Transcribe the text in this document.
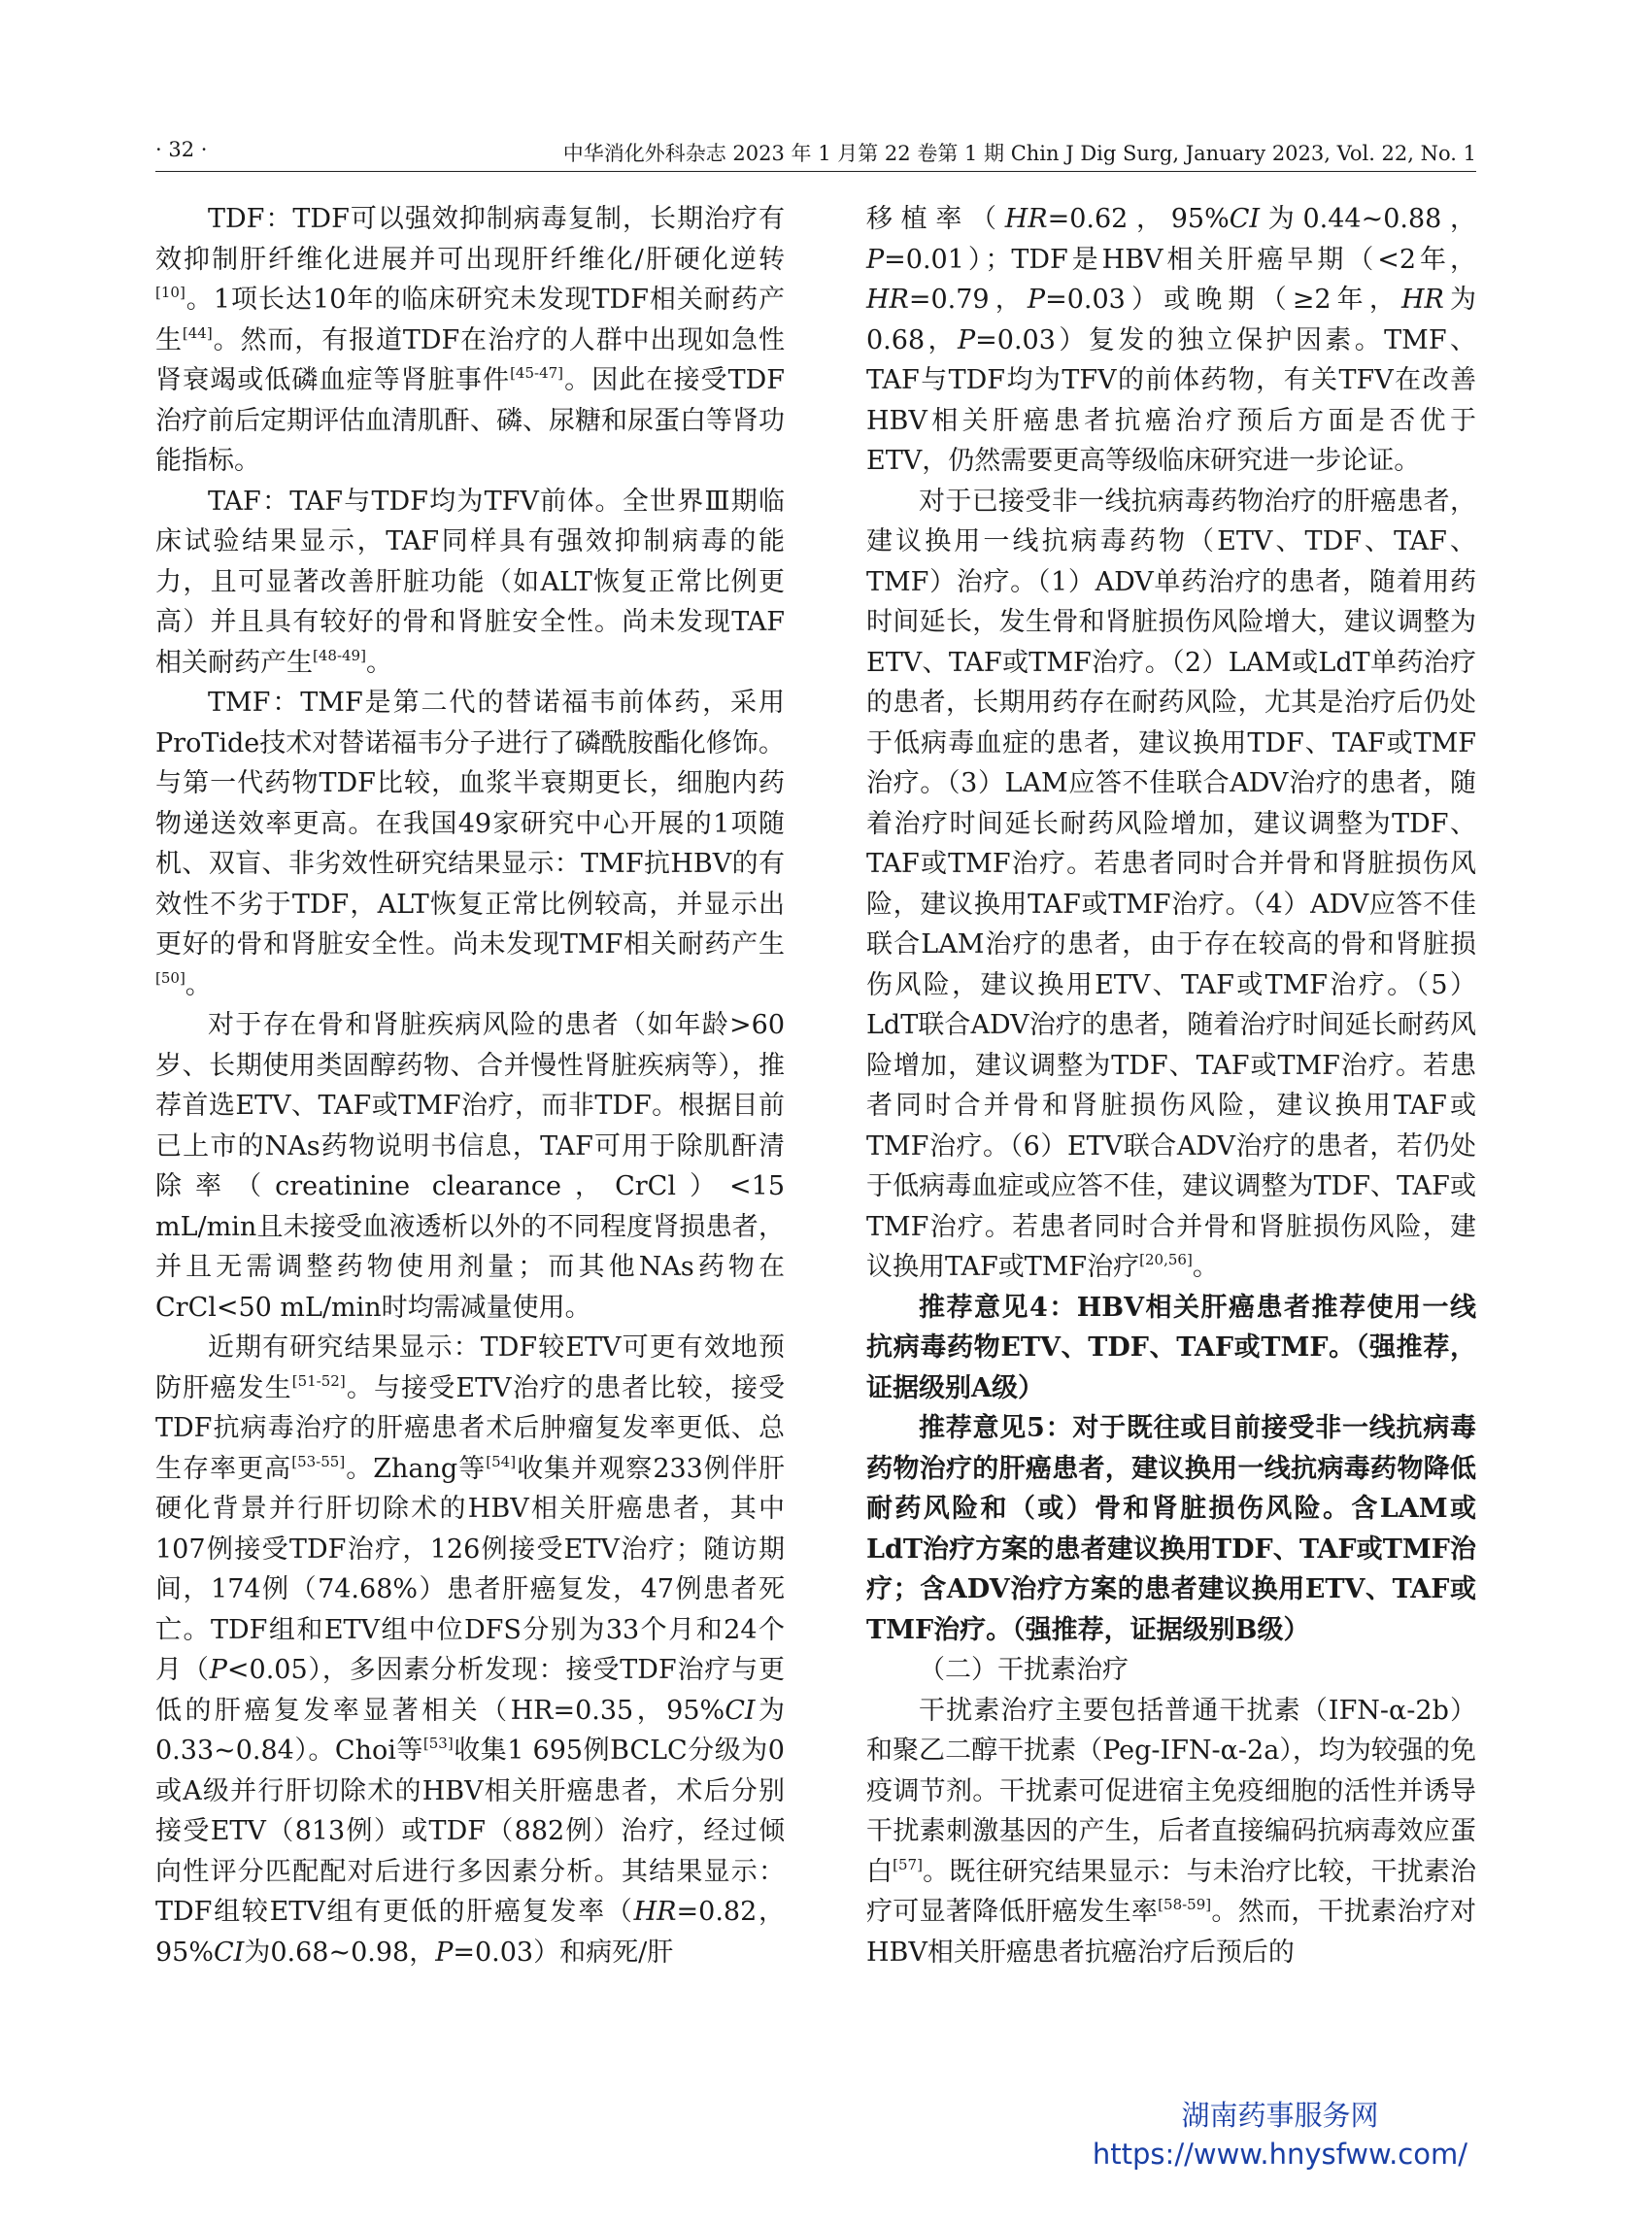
· 32 ·	中华消化外科杂志 2023 年 1 月第 22 卷第 1 期 Chin J Dig Surg, January 2023, Vol. 22, No. 1

TDF：TDF可以强效抑制病毒复制，长期治疗有效抑制肝纤维化进展并可出现肝纤维化/肝硬化逆转[10]。1项长达10年的临床研究未发现TDF相关耐药产生[44]。然而，有报道TDF在治疗的人群中出现如急性肾衰竭或低磷血症等肾脏事件[45-47]。因此在接受TDF治疗前后定期评估血清肌酐、磷、尿糖和尿蛋白等肾功能指标。

TAF：TAF与TDF均为TFV前体。全世界Ⅲ期临床试验结果显示，TAF同样具有强效抑制病毒的能力，且可显著改善肝脏功能（如ALT恢复正常比例更高）并且具有较好的骨和肾脏安全性。尚未发现TAF相关耐药产生[48-49]。

TMF：TMF是第二代的替诺福韦前体药，采用ProTide技术对替诺福韦分子进行了磷酰胺酯化修饰。与第一代药物TDF比较，血浆半衰期更长，细胞内药物递送效率更高。在我国49家研究中心开展的1项随机、双盲、非劣效性研究结果显示：TMF抗HBV的有效性不劣于TDF，ALT恢复正常比例较高，并显示出更好的骨和肾脏安全性。尚未发现TMF相关耐药产生[50]。

对于存在骨和肾脏疾病风险的患者（如年龄>60岁、长期使用类固醇药物、合并慢性肾脏疾病等），推荐首选ETV、TAF或TMF治疗，而非TDF。根据目前已上市的NAs药物说明书信息，TAF可用于除肌酐清除率（creatinine clearance，CrCl）<15 mL/min且未接受血液透析以外的不同程度肾损患者，并且无需调整药物使用剂量；而其他NAs药物在CrCl<50 mL/min时均需减量使用。

近期有研究结果显示：TDF较ETV可更有效地预防肝癌发生[51-52]。与接受ETV治疗的患者比较，接受TDF抗病毒治疗的肝癌患者术后肿瘤复发率更低、总生存率更高[53-55]。Zhang等[54]收集并观察233例伴肝硬化背景并行肝切除术的HBV相关肝癌患者，其中107例接受TDF治疗，126例接受ETV治疗；随访期间，174例（74.68%）患者肝癌复发，47例患者死亡。TDF组和ETV组中位DFS分别为33个月和24个月（P<0.05），多因素分析发现：接受TDF治疗与更低的肝癌复发率显著相关（HR=0.35，95%CI为0.33~0.84）。Choi等[53]收集1 695例BCLC分级为0或A级并行肝切除术的HBV相关肝癌患者，术后分别接受ETV（813例）或TDF（882例）治疗，经过倾向性评分匹配配对后进行多因素分析。其结果显示：TDF组较ETV组有更低的肝癌复发率（HR=0.82，95%CI为0.68~0.98，P=0.03）和病死/肝

移植率（HR=0.62，95%CI为0.44~0.88，P=0.01）；TDF是HBV相关肝癌早期（<2年，HR=0.79，P=0.03）或晚期（≥2年，HR为0.68，P=0.03）复发的独立保护因素。TMF、TAF与TDF均为TFV的前体药物，有关TFV在改善HBV相关肝癌患者抗癌治疗预后方面是否优于ETV，仍然需要更高等级临床研究进一步论证。

对于已接受非一线抗病毒药物治疗的肝癌患者，建议换用一线抗病毒药物（ETV、TDF、TAF、TMF）治疗。（1）ADV单药治疗的患者，随着用药时间延长，发生骨和肾脏损伤风险增大，建议调整为ETV、TAF或TMF治疗。（2）LAM或LdT单药治疗的患者，长期用药存在耐药风险，尤其是治疗后仍处于低病毒血症的患者，建议换用TDF、TAF或TMF治疗。（3）LAM应答不佳联合ADV治疗的患者，随着治疗时间延长耐药风险增加，建议调整为TDF、TAF或TMF治疗。若患者同时合并骨和肾脏损伤风险，建议换用TAF或TMF治疗。（4）ADV应答不佳联合LAM治疗的患者，由于存在较高的骨和肾脏损伤风险，建议换用ETV、TAF或TMF治疗。（5）LdT联合ADV治疗的患者，随着治疗时间延长耐药风险增加，建议调整为TDF、TAF或TMF治疗。若患者同时合并骨和肾脏损伤风险，建议换用TAF或TMF治疗。（6）ETV联合ADV治疗的患者，若仍处于低病毒血症或应答不佳，建议调整为TDF、TAF或TMF治疗。若患者同时合并骨和肾脏损伤风险，建议换用TAF或TMF治疗[20,56]。

推荐意见4：HBV相关肝癌患者推荐使用一线抗病毒药物ETV、TDF、TAF或TMF。（强推荐，证据级别A级）

推荐意见5：对于既往或目前接受非一线抗病毒药物治疗的肝癌患者，建议换用一线抗病毒药物降低耐药风险和（或）骨和肾脏损伤风险。含LAM或LdT治疗方案的患者建议换用TDF、TAF或TMF治疗；含ADV治疗方案的患者建议换用ETV、TAF或TMF治疗。（强推荐，证据级别B级）

（二）干扰素治疗

干扰素治疗主要包括普通干扰素（IFN-α-2b）和聚乙二醇干扰素（Peg-IFN-α-2a），均为较强的免疫调节剂。干扰素可促进宿主免疫细胞的活性并诱导干扰素刺激基因的产生，后者直接编码抗病毒效应蛋白[57]。既往研究结果显示：与未治疗比较，干扰素治疗可显著降低肝癌发生率[58-59]。然而，干扰素治疗对HBV相关肝癌患者抗癌治疗后预后的

湖南药事服务网
https://www.hnysfww.com/
